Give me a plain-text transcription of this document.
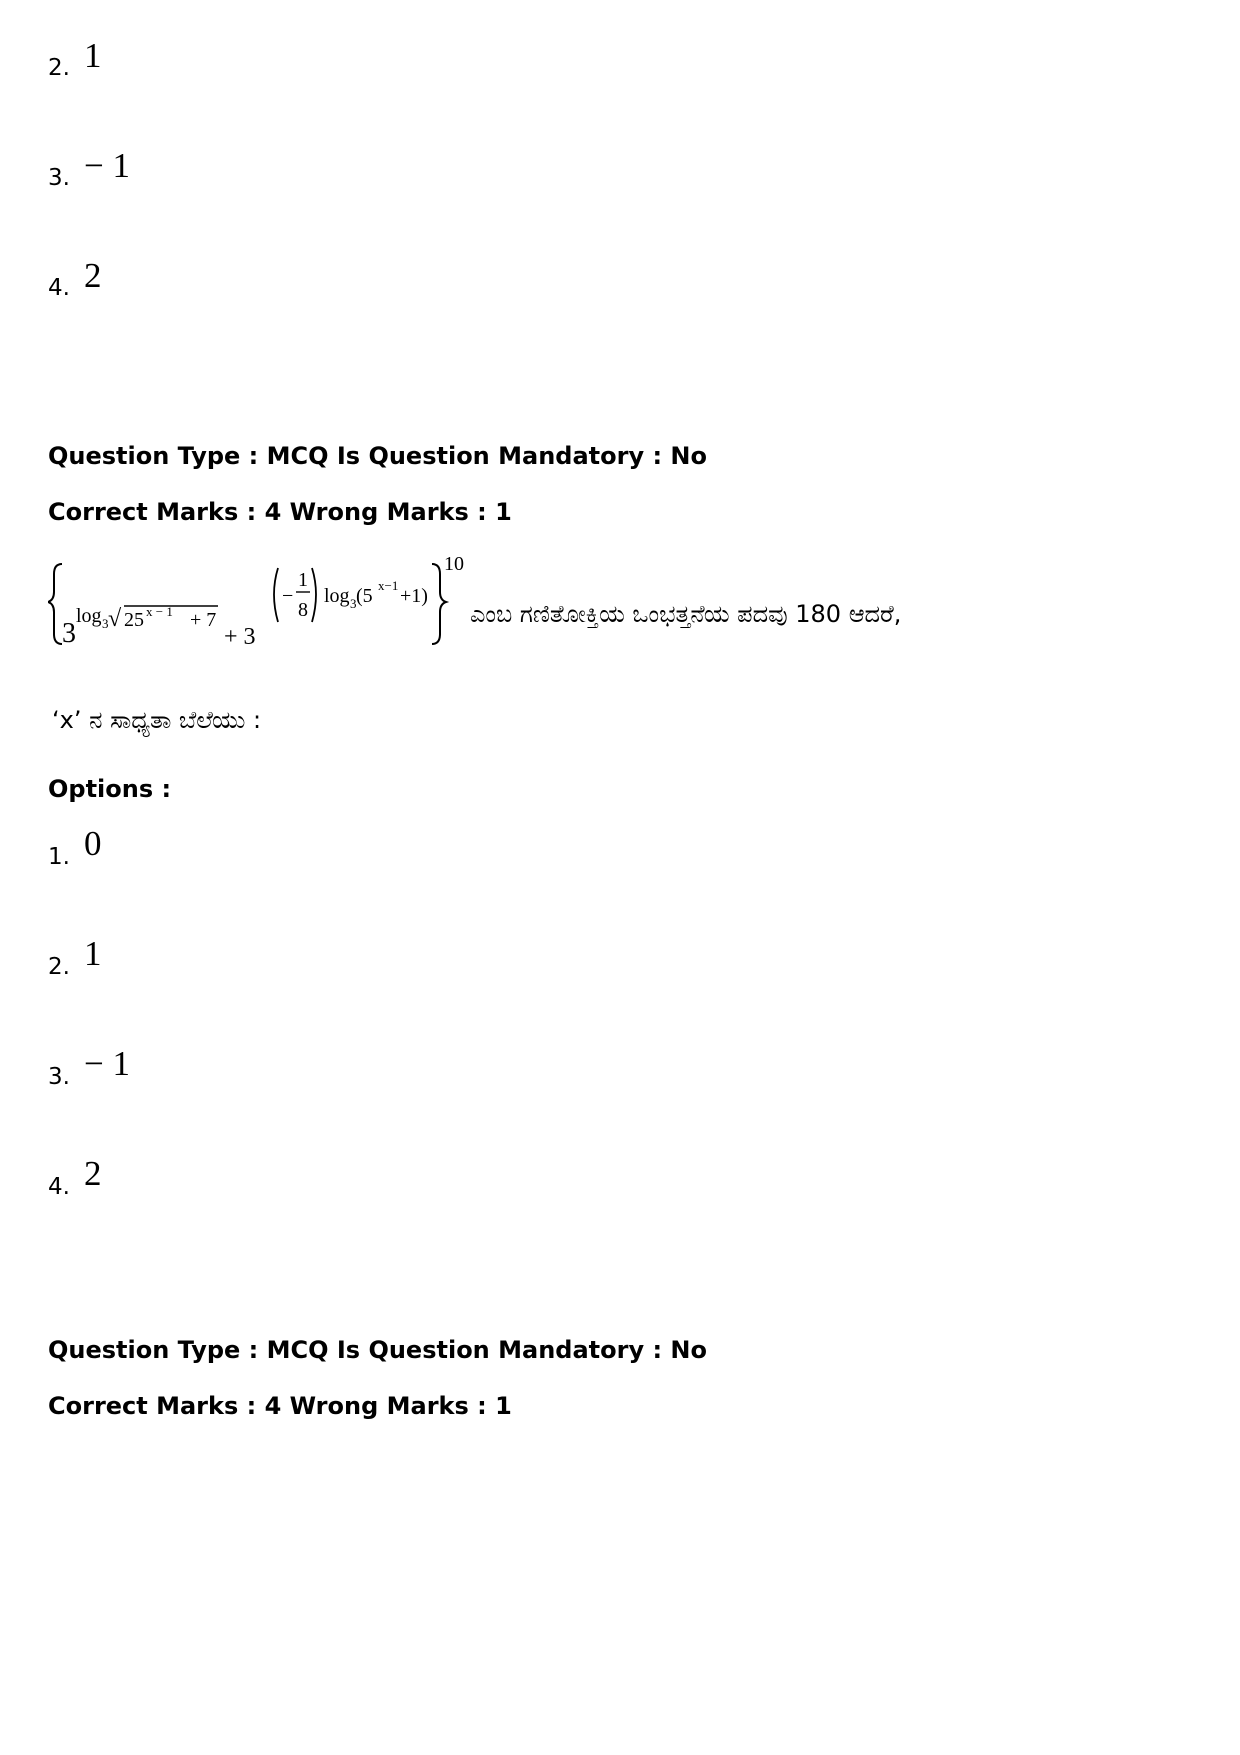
2. 1
3. − 1
4. 2
Question Type : MCQ Is Question Mandatory : No
Correct Marks : 4 Wrong Marks : 1
3
log 3 √ 25 x − 1 + 7
+ 3
−
1
8
log 3 (5 x−1 +1)
10
ಎಂಬ ಗಣಿತೋಕ್ತಿಯ ಒಂಭತ್ತನೆಯ ಪದವು 180 ಆದರೆ,
‘x’ ನ ಸಾಧ್ಯತಾ ಬೆಲೆಯು :
Options :
1. 0
2. 1
3. − 1
4. 2
Question Type : MCQ Is Question Mandatory : No
Correct Marks : 4 Wrong Marks : 1
